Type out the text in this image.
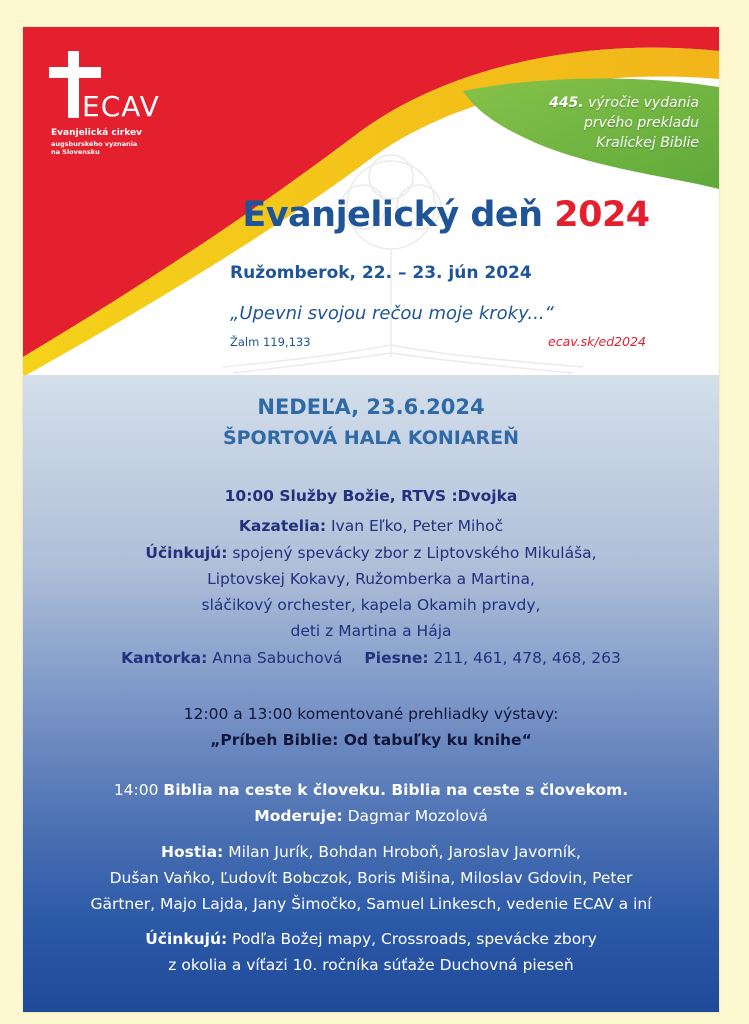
ECAV
Evanjelická cirkev
augsburského vyznania
na Slovensku
445. výročie vydania
prvého prekladu
Kralickej Biblie
Evanjelický deň 2024
Ružomberok, 22. – 23. jún 2024
„Upevni svojou rečou moje kroky...“
Žalm 119,133	ecav.sk/ed2024
NEDEĽA, 23.6.2024
ŠPORTOVÁ HALA KONIAREŇ
10:00 Služby Božie, RTVS :Dvojka
Kazatelia: Ivan Eľko, Peter Mihoč
Účinkujú: spojený spevácky zbor z Liptovského Mikuláša,
Liptovskej Kokavy, Ružomberka a Martina,
sláčikový orchester, kapela Okamih pravdy,
deti z Martina a Hája
Kantorka: Anna Sabuchová Piesne: 211, 461, 478, 468, 263
12:00 a 13:00 komentované prehliadky výstavy:
„Príbeh Biblie: Od tabuľky ku knihe“
14:00 Biblia na ceste k človeku. Biblia na ceste s človekom.
Moderuje: Dagmar Mozolová
Hostia: Milan Jurík, Bohdan Hroboň, Jaroslav Javorník,
Dušan Vaňko, Ľudovít Bobczok, Boris Mišina, Miloslav Gdovin, Peter
Gärtner, Majo Lajda, Jany Šimočko, Samuel Linkesch, vedenie ECAV a iní
Účinkujú: Podľa Božej mapy, Crossroads, spevácke zbory
z okolia a víťazi 10. ročníka súťaže Duchovná pieseň
